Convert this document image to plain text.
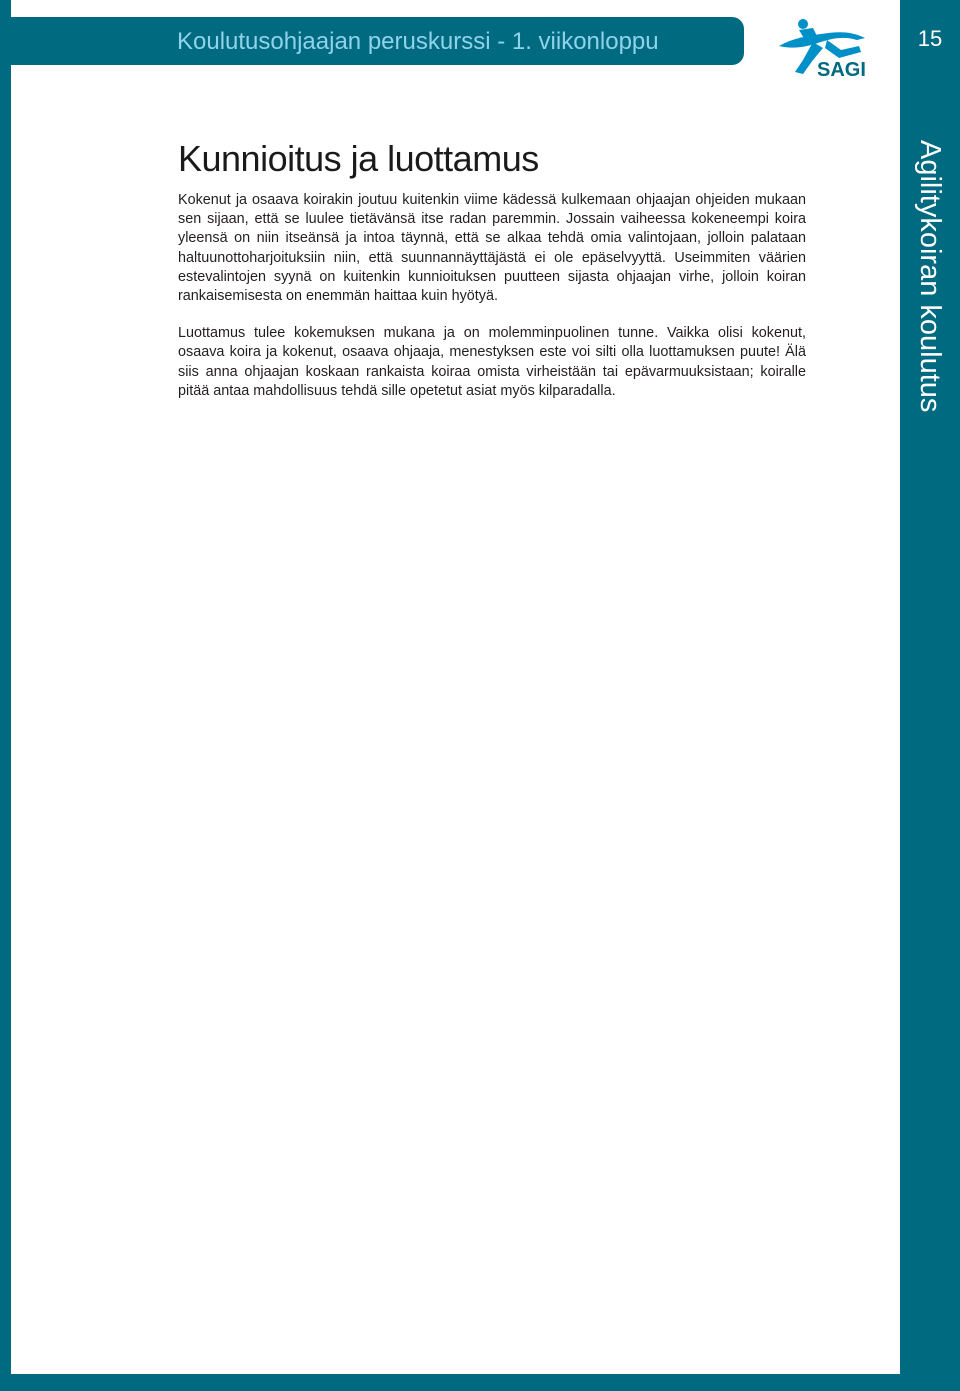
Koulutusohjaajan peruskurssi - 1. viikonloppu
SAGI
15
Agilitykoiran koulutus
Kunnioitus ja luottamus

Kokenut ja osaava koirakin joutuu kuitenkin viime kädessä kulkemaan ohjaajan ohjeiden mukaan sen sijaan, että se luulee tietävänsä itse radan paremmin. Jossain vaiheessa kokeneempi koira yleensä on niin itseänsä ja intoa täynnä, että se alkaa tehdä omia valintojaan, jolloin palataan haltuunottoharjoituksiin niin, että suunnannäyttäjästä ei ole epäselvyyttä. Useimmiten väärien estevalintojen syynä on kuitenkin kunnioituksen puutteen sijasta ohjaajan virhe, jolloin koiran rankaisemisesta on enemmän haittaa kuin hyötyä.

Luottamus tulee kokemuksen mukana ja on molemminpuolinen tunne. Vaikka olisi kokenut, osaava koira ja kokenut, osaava ohjaaja, menestyksen este voi silti olla luottamuksen puute! Älä siis anna ohjaajan koskaan rankaista koiraa omista virheistään tai epävarmuuksistaan; koiralle pitää antaa mahdollisuus tehdä sille opetetut asiat myös kilparadalla.
